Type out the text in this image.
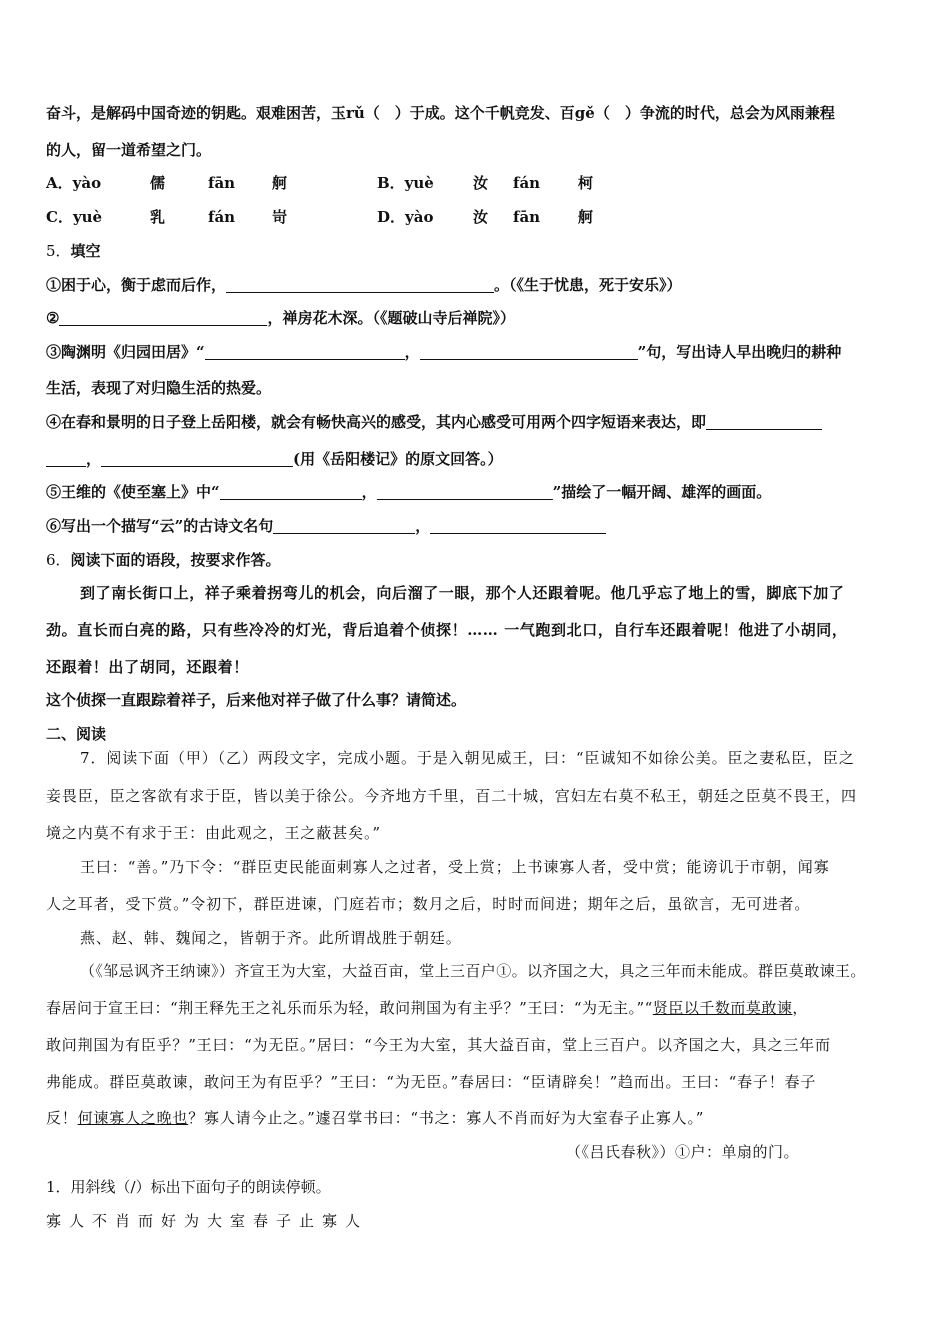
奋斗，是解码中国奇迹的钥匙。艰难困苦，玉rǔ（　）于成。这个千帆竞发、百gě（　）争流的时代，总会为风雨兼程
的人，留一道希望之门。
A．yào	儒	fān 舸	B．yuè	汝 fán	柯
C．yuè	乳	fán 岢	D．yào	汝 fān	舸
5．填空
①困于心，衡于虑而后作，	。（《生于忧患，死于安乐》）
②	，禅房花木深。（《题破山寺后禅院》）
③陶渊明《归园田居》“	，	”句，写出诗人早出晚归的耕种
生活，表现了对归隐生活的热爱。
④在春和景明的日子登上岳阳楼，就会有畅快高兴的感受，其内心感受可用两个四字短语来表达，即
，	(用《岳阳楼记》的原文回答。）
⑤王维的《使至塞上》中“	，	”描绘了一幅开阔、雄浑的画面。
⑥写出一个描写“云”的古诗文名句	，
6．阅读下面的语段，按要求作答。
到了南长街口上，祥子乘着拐弯儿的机会，向后溜了一眼，那个人还跟着呢。他几乎忘了地上的雪，脚底下加了
劲。直长而白亮的路，只有些冷冷的灯光，背后追着个侦探！…… 一气跑到北口，自行车还跟着呢！他进了小胡同，
还跟着！出了胡同，还跟着！
这个侦探一直跟踪着祥子，后来他对祥子做了什么事？请简述。
二、阅读
7．阅读下面（甲）（乙）两段文字，完成小题。于是入朝见威王，曰：“臣诚知不如徐公美。臣之妻私臣，臣之
妾畏臣，臣之客欲有求于臣，皆以美于徐公。今齐地方千里，百二十城，宫妇左右莫不私王，朝廷之臣莫不畏王，四
境之内莫不有求于王：由此观之，王之蔽甚矣。”
王曰：“善。”乃下令：“群臣吏民能面刺寡人之过者，受上赏；上书谏寡人者，受中赏；能谤讥于市朝，闻寡
人之耳者，受下赏。”令初下，群臣进谏，门庭若市；数月之后，时时而间进；期年之后，虽欲言，无可进者。
燕、赵、韩、魏闻之，皆朝于齐。此所谓战胜于朝廷。
（《邹忌讽齐王纳谏》）齐宣王为大室，大益百亩，堂上三百户①。以齐国之大，具之三年而未能成。群臣莫敢谏王。
春居问于宣王曰：“荆王释先王之礼乐而乐为轻，敢问荆国为有主乎？”王曰：“为无主。”“贤臣以千数而莫敢谏，
敢问荆国为有臣乎？”王曰：“为无臣。”居曰：“今王为大室，其大益百亩，堂上三百户。以齐国之大，具之三年而
弗能成。群臣莫敢谏，敢问王为有臣乎？”王曰：“为无臣。”春居曰：“臣请辟矣！”趋而出。王曰：“春子！春子
反！何谏寡人之晚也？寡人请今止之。”遽召掌书曰：“书之：寡人不肖而好为大室春子止寡人。”
（《吕氏春秋》）①户：单扇的门。
1．用斜线（/）标出下面句子的朗读停顿。
寡人不肖而好为大室春子止寡人
